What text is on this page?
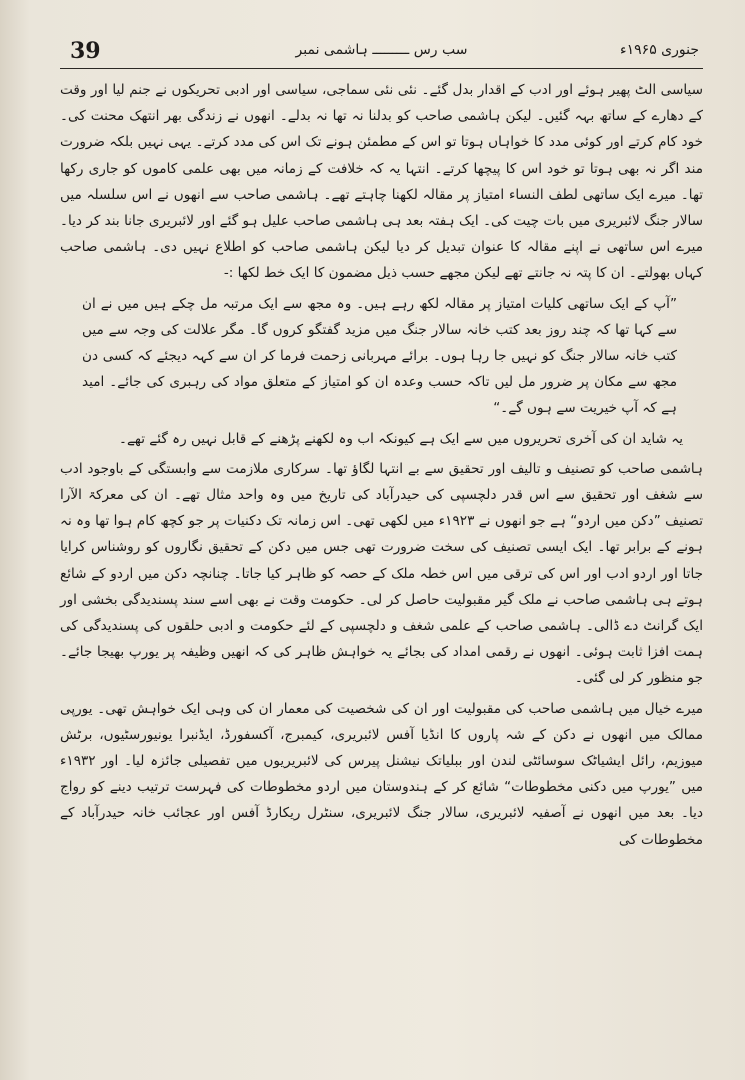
39	سب رس ـــــــــ ہاشمی نمبر	جنوری ۱۹۶۵ء

سیاسی الٹ پھیر ہوئے اور ادب کے اقدار بدل گئے۔ نئی نئی سماجی، سیاسی اور ادبی تحریکوں نے جنم لیا اور وقت کے دھارے کے ساتھ بہہ گئیں۔ لیکن ہاشمی صاحب کو بدلنا نہ تھا نہ بدلے۔ انھوں نے زندگی بھر انتھک محنت کی۔ خود کام کرتے اور کوئی مدد کا خواہاں ہوتا تو اس کے مطمئن ہونے تک اس کی مدد کرتے۔ یہی نہیں بلکہ ضرورت مند اگر نہ بھی ہوتا تو خود اس کا پیچھا کرتے۔ انتہا یہ کہ خلافت کے زمانہ میں بھی علمی کاموں کو جاری رکھا تھا۔ میرے ایک ساتھی لطف النساء امتیاز پر مقالہ لکھنا چاہتے تھے۔ ہاشمی صاحب سے انھوں نے اس سلسلہ میں سالار جنگ لائبریری میں بات چیت کی۔ ایک ہفتہ بعد ہی ہاشمی صاحب علیل ہو گئے اور لائبریری جانا بند کر دیا۔ میرے اس ساتھی نے اپنے مقالہ کا عنوان تبدیل کر دیا لیکن ہاشمی صاحب کو اطلاع نہیں دی۔ ہاشمی صاحب کہاں بھولتے۔ ان کا پتہ نہ جانتے تھے لیکن مجھے حسب ذیل مضمون کا ایک خط لکھا :-

”آپ کے ایک ساتھی کلیات امتیاز پر مقالہ لکھ رہے ہیں۔ وہ مجھ سے ایک مرتبہ مل چکے ہیں میں نے ان سے کہا تھا کہ چند روز بعد کتب خانہ سالار جنگ میں مزید گفتگو کروں گا۔ مگر علالت کی وجہ سے میں کتب خانہ سالار جنگ کو نہیں جا رہا ہوں۔ برائے مہربانی زحمت فرما کر ان سے کہہ دیجئے کہ کسی دن مجھ سے مکان پر ضرور مل لیں تاکہ حسب وعدہ ان کو امتیاز کے متعلق مواد کی رہبری کی جائے۔ امید ہے کہ آپ خیریت سے ہوں گے۔“

یہ شاید ان کی آخری تحریروں میں سے ایک ہے کیونکہ اب وہ لکھنے پڑھنے کے قابل نہیں رہ گئے تھے۔

ہاشمی صاحب کو تصنیف و تالیف اور تحقیق سے بے انتہا لگاؤ تھا۔ سرکاری ملازمت سے وابستگی کے باوجود ادب سے شغف اور تحقیق سے اس قدر دلچسپی کی حیدرآباد کی تاریخ میں وہ واحد مثال تھے۔ ان کی معرکۃ الآرا تصنیف ”دکن میں اردو“ ہے جو انھوں نے ۱۹۲۳ء میں لکھی تھی۔ اس زمانہ تک دکنیات پر جو کچھ کام ہوا تھا وہ نہ ہونے کے برابر تھا۔ ایک ایسی تصنیف کی سخت ضرورت تھی جس میں دکن کے تحقیق نگاروں کو روشناس کرایا جاتا اور اردو ادب اور اس کی ترقی میں اس خطہ ملک کے حصہ کو ظاہر کیا جاتا۔ چنانچہ دکن میں اردو کے شائع ہوتے ہی ہاشمی صاحب نے ملک گیر مقبولیت حاصل کر لی۔ حکومت وقت نے بھی اسے سند پسندیدگی بخشی اور ایک گرانٹ دے ڈالی۔ ہاشمی صاحب کے علمی شغف و دلچسپی کے لئے حکومت و ادبی حلقوں کی پسندیدگی کی ہمت افزا ثابت ہوئی۔ انھوں نے رقمی امداد کی بجائے یہ خواہش ظاہر کی کہ انھیں وظیفہ پر یورپ بھیجا جائے۔ جو منظور کر لی گئی۔

میرے خیال میں ہاشمی صاحب کی مقبولیت اور ان کی شخصیت کی معمار ان کی وہی ایک خواہش تھی۔ یورپی ممالک میں انھوں نے دکن کے شہ پاروں کا انڈیا آفس لائبریری، کیمبرج، آکسفورڈ، ایڈنبرا یونیورسٹیوں، برٹش میوزیم، رائل ایشیاٹک سوسائٹی لندن اور ببلیاتک نیشنل پیرس کی لائبریریوں میں تفصیلی جائزہ لیا۔ اور ۱۹۳۲ء میں ”یورپ میں دکنی مخطوطات“ شائع کر کے ہندوستان میں اردو مخطوطات کی فہرست ترتیب دینے کو رواج دیا۔ بعد میں انھوں نے آصفیہ لائبریری، سالار جنگ لائبریری، سنٹرل ریکارڈ آفس اور عجائب خانہ حیدرآباد کے مخطوطات کی
